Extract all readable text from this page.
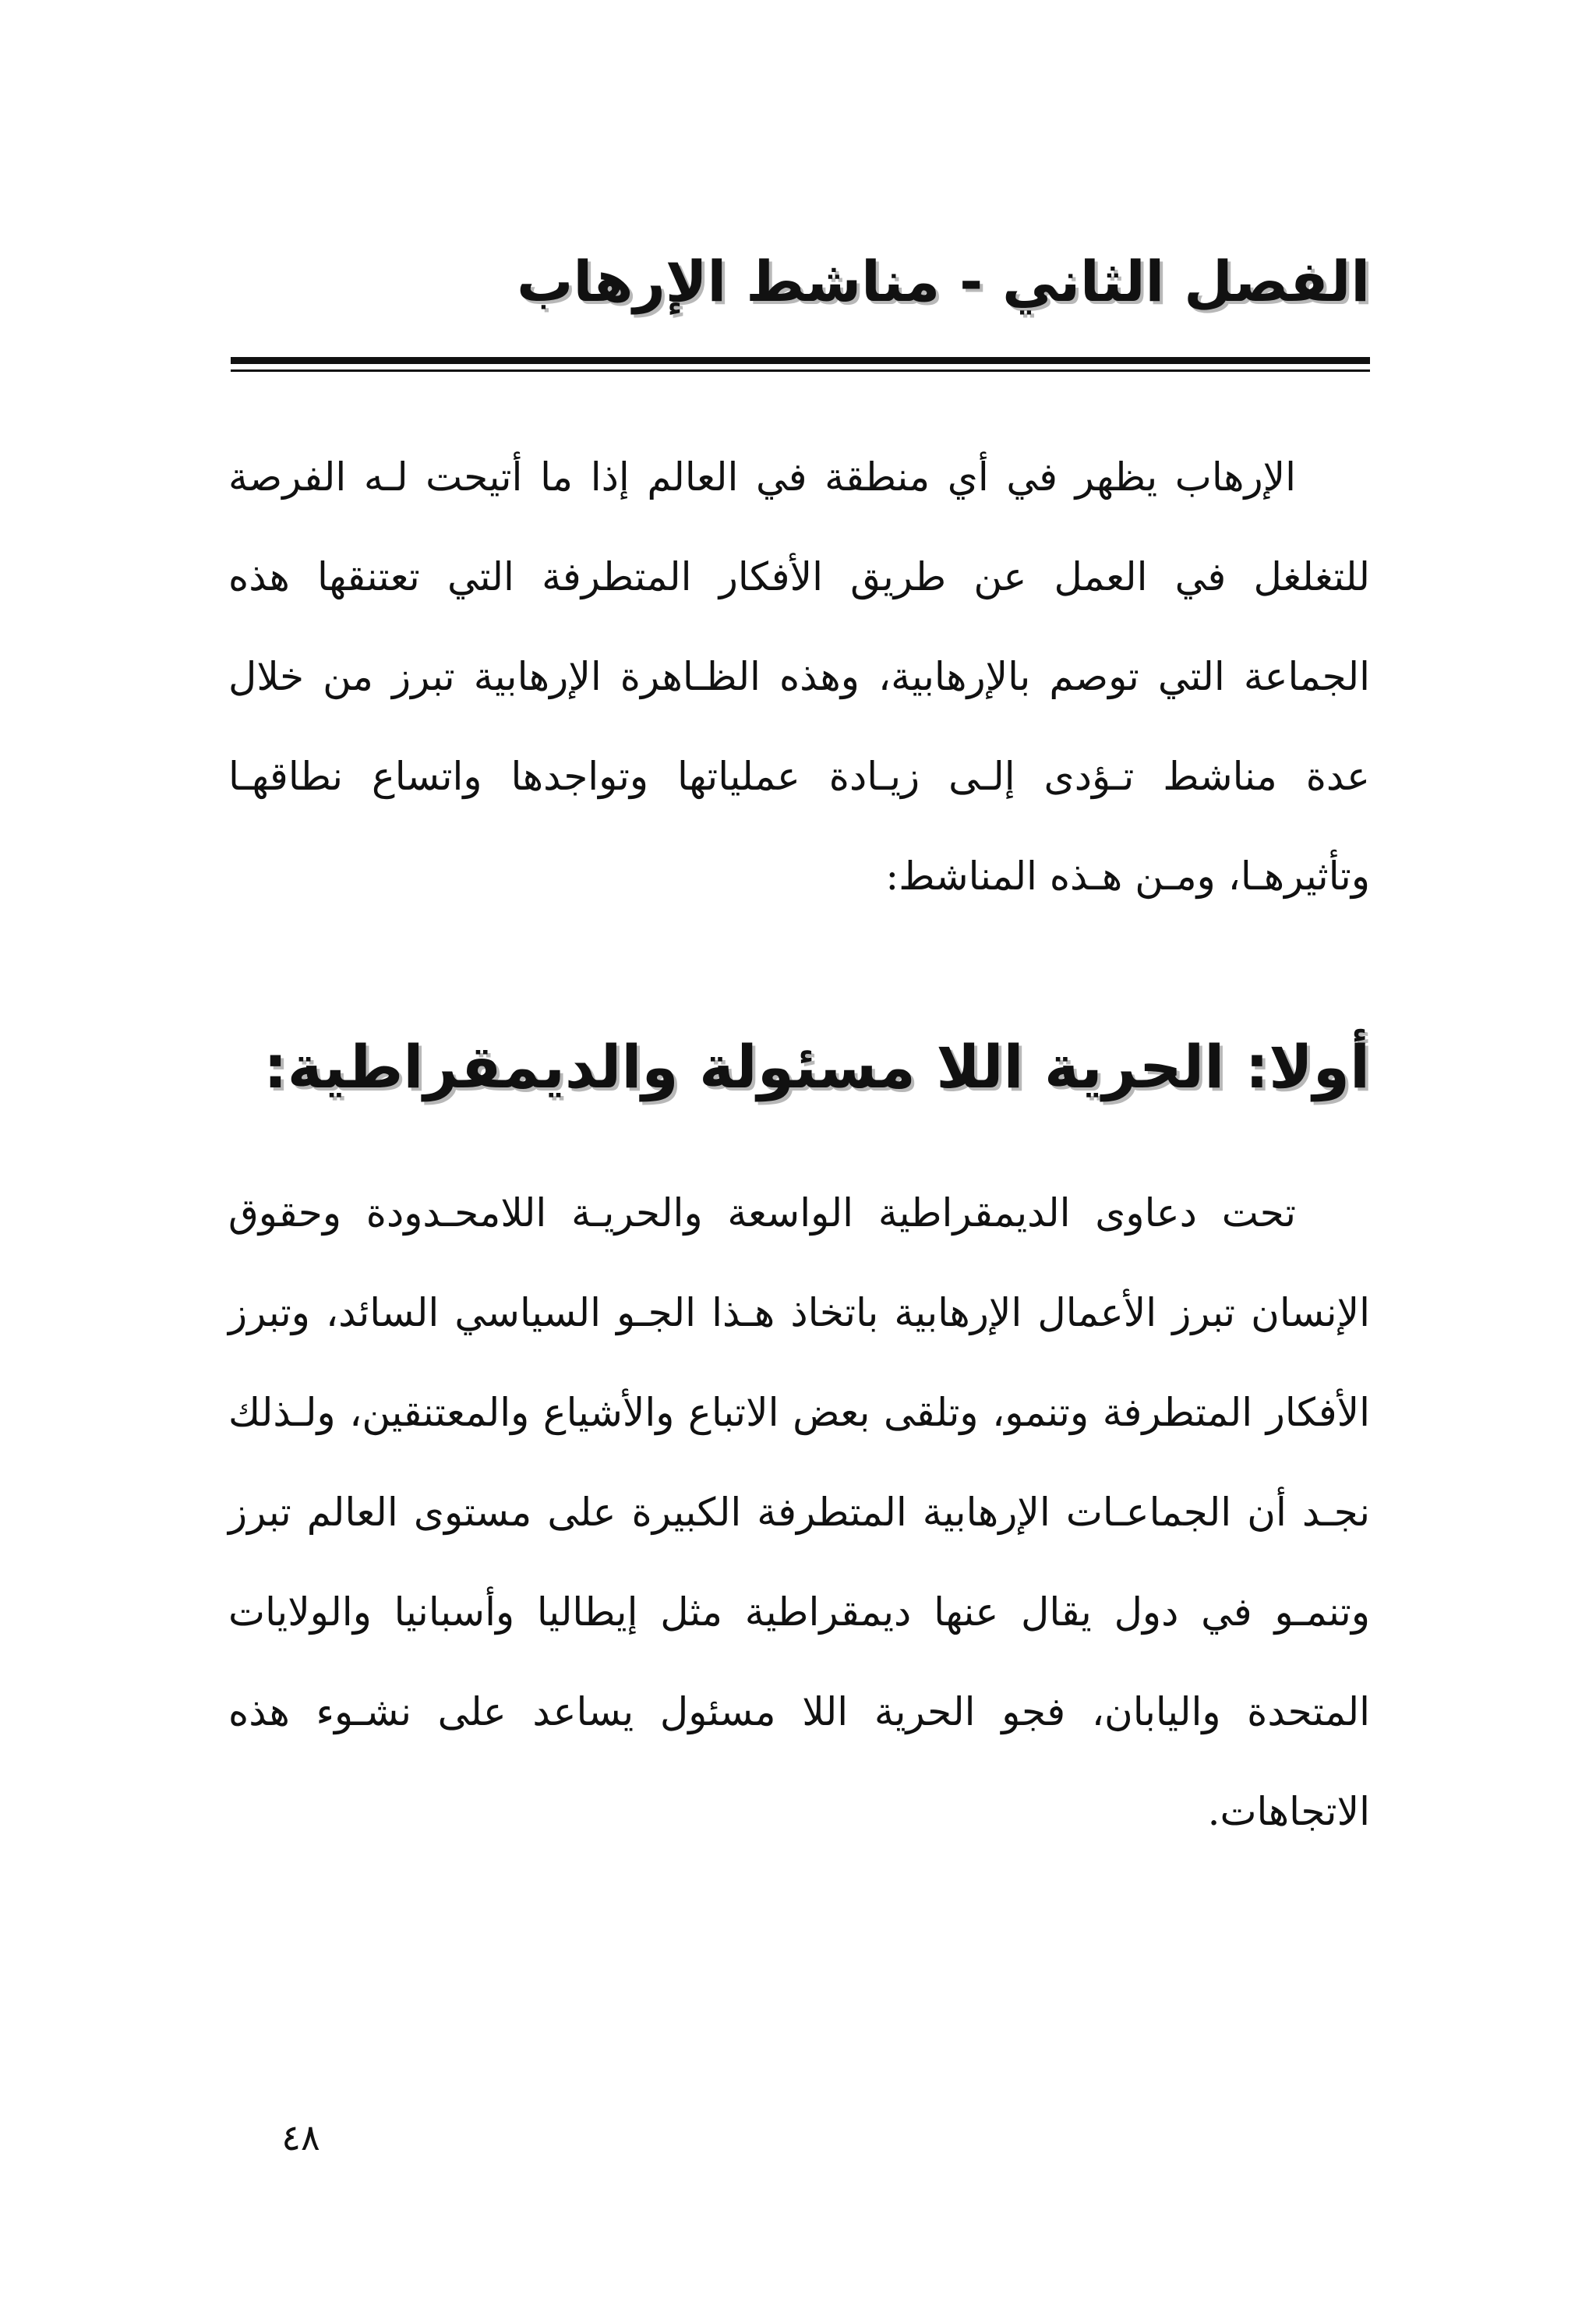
الفصل الثاني - مناشط الإرهاب

الإرهاب يظهر في أي منطقة في العالم إذا ما أتيحت لـه الفرصة للتغلغل في العمل عن طريق الأفكار المتطرفة التي تعتنقها هذه الجماعة التي توصم بالإرهابية، وهذه الظـاهرة الإرهابية تبرز من خلال عدة مناشط تـؤدى إلـى زيـادة عملياتها وتواجدها واتساع نطاقهـا وتأثيرهـا، ومـن هـذه المناشط:

أولا: الحرية اللا مسئولة والديمقراطية:

تحت دعاوى الديمقراطية الواسعة والحريـة اللامحـدودة وحقوق الإنسان تبرز الأعمال الإرهابية باتخاذ هـذا الجـو السياسي السائد، وتبرز الأفكار المتطرفة وتنمو، وتلقى بعض الاتباع والأشياع والمعتنقين، ولـذلك نجـد أن الجماعـات الإرهابية المتطرفة الكبيرة على مستوى العالم تبرز وتنمـو في دول يقال عنها ديمقراطية مثل إيطاليا وأسبانيا والولايات المتحدة واليابان، فجو الحرية اللا مسئول يساعد على نشـوء هذه الاتجاهات.

٤٨
